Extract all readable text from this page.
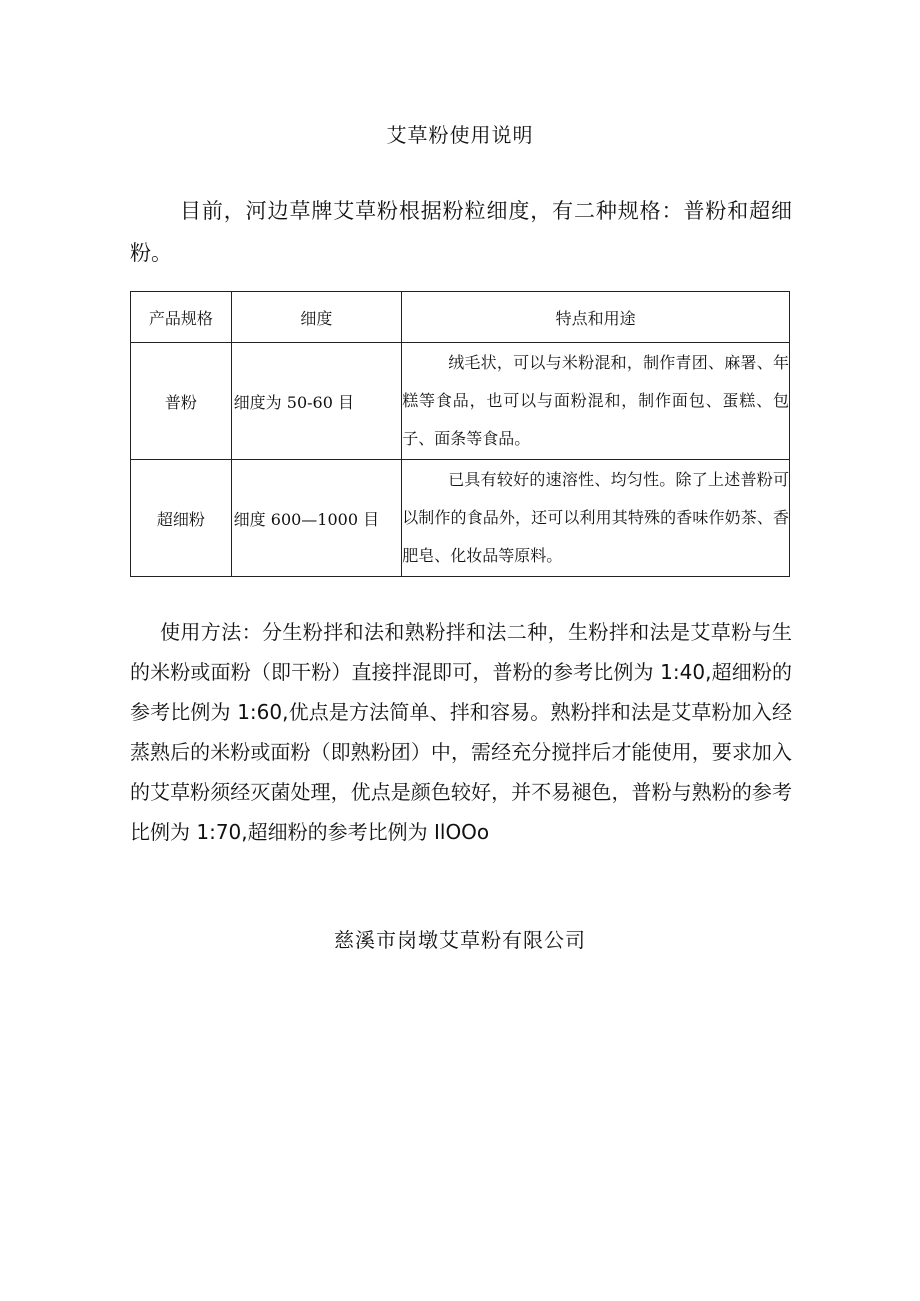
艾草粉使用说明

目前，河边草牌艾草粉根据粉粒细度，有二种规格：普粉和超细粉。

产品规格	细度	特点和用途
普粉	细度为 50-60 目	绒毛状，可以与米粉混和，制作青团、麻署、年糕等食品，也可以与面粉混和，制作面包、蛋糕、包子、面条等食品。

超细粉	细度 600—1000 目	已具有较好的速溶性、均匀性。除了上述普粉可以制作的食品外，还可以利用其特殊的香味作奶茶、香肥皂、化妆品等原料。

使用方法：分生粉拌和法和熟粉拌和法二种，生粉拌和法是艾草粉与生的米粉或面粉（即干粉）直接拌混即可，普粉的参考比例为 1:40,超细粉的参考比例为 1:60,优点是方法简单、拌和容易。熟粉拌和法是艾草粉加入经蒸熟后的米粉或面粉（即熟粉团）中，需经充分搅拌后才能使用，要求加入的艾草粉须经灭菌处理，优点是颜色较好，并不易褪色，普粉与熟粉的参考比例为 1:70,超细粉的参考比例为 IlOOo

慈溪市岗墩艾草粉有限公司
